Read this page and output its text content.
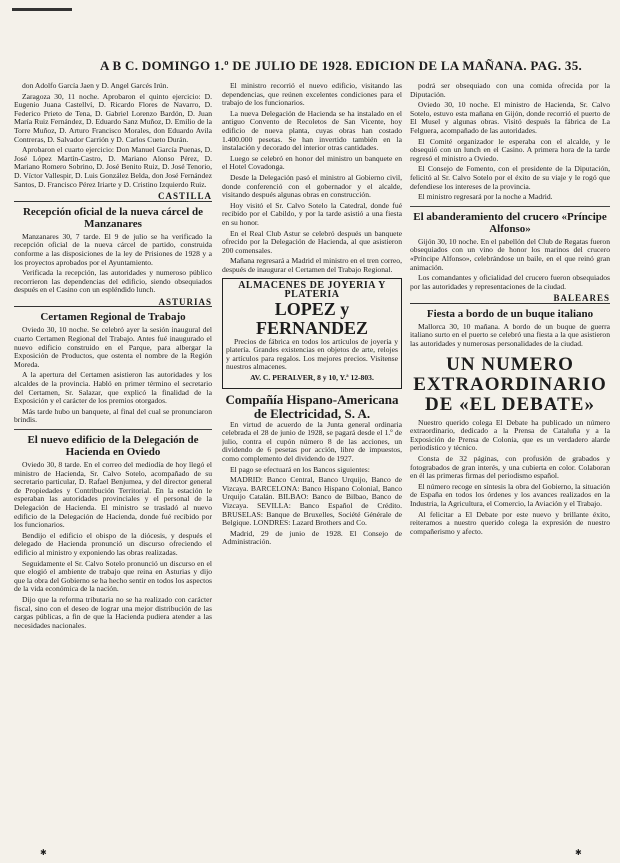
A B C. DOMINGO 1.º DE JULIO DE 1928. EDICION DE LA MAÑANA. PAG. 35.

don Adolfo García Jaen y D. Angel Garcés Irún.

Zaragoza 30, 11 noche. Aprobaron el quinto ejercicio: D. Eugenio Juana Castellví, D. Ricardo Flores de Navarro, D. Federico Prieto de Tena, D. Gabriel Lorenzo Bardón, D. Juan María Ruiz Fernández, D. Eduardo Sanz Muñoz, D. Emilio de la Torre Muñoz, D. Arturo Francisco Morales, don Eduardo Avila Contreras, D. Salvador Carrión y D. Carlos Cueto Durán.

Aprobaron el cuarto ejercicio: Don Manuel García Puenas, D. José López Martín-Castro, D. Mariano Alonso Pérez, D. Mariano Romero Sobrino, D. José Benito Ruiz, D. José Tenorio, D. Víctor Vallespir, D. Luis González Belda, don José Fernández Santos, D. Francisco Pérez Iriarte y D. Cristino Izquierdo Ruiz.

CASTILLA
Recepción oficial de la nueva cárcel de Manzanares

Manzanares 30, 7 tarde. El 9 de julio se ha verificado la recepción oficial de la nueva cárcel de partido, construida conforme a las disposiciones de la ley de Prisiones de 1928 y a los proyectos aprobados por el Ayuntamiento.

Verificada la recepción, las autoridades y numeroso público recorrieron las dependencias del edificio, siendo obsequiados después en el Casino con un espléndido lunch.

ASTURIAS
Certamen Regional de Trabajo

Oviedo 30, 10 noche. Se celebró ayer la sesión inaugural del cuarto Certamen Regional del Trabajo. Antes fué inaugurado el nuevo edificio construido en el Parque, para albergar la Exposición de Productos, que ostenta el nombre de la Región Moreda.

A la apertura del Certamen asistieron las autoridades y los alcaldes de la provincia. Habló en primer término el secretario del Certamen, Sr. Salazar, que explicó la finalidad de la Exposición y el carácter de los premios otorgados.

Más tarde hubo un banquete, al final del cual se pronunciaron brindis.

El nuevo edificio de la Delegación de Hacienda en Oviedo

Oviedo 30, 8 tarde. En el correo del mediodía de hoy llegó el ministro de Hacienda, Sr. Calvo Sotelo, acompañado de su secretario particular, D. Rafael Benjumea, y del director general de Propiedades y Contribución Territorial. En la estación le esperaban las autoridades provinciales y el personal de la Delegación de Hacienda. El ministro se trasladó al nuevo edificio de la Delegación de Hacienda, donde fué recibido por los funcionarios.

Bendijo el edificio el obispo de la diócesis, y después el delegado de Hacienda pronunció un discurso ofreciendo el edificio al ministro y exponiendo las obras realizadas.

Seguidamente el Sr. Calvo Sotelo pronunció un discurso en el que elogió el ambiente de trabajo que reina en Asturias y dijo que la obra del Gobierno se ha hecho sentir en todos los aspectos de la vida económica de la nación.

Dijo que la reforma tributaria no se ha realizado con carácter fiscal, sino con el deseo de lograr una mejor distribución de las cargas públicas, a fin de que la Hacienda pudiera atender a las necesidades nacionales.

El ministro recorrió el nuevo edificio, visitando las dependencias, que reúnen excelentes condiciones para el trabajo de los funcionarios.

La nueva Delegación de Hacienda se ha instalado en el antiguo Convento de Recoletos de San Vicente, hoy edificio de nueva planta, cuyas obras han costado 1.400.000 pesetas. Se han invertido también en la instalación y decorado del interior otras cantidades.

Luego se celebró en honor del ministro un banquete en el Hotel Covadonga.

Desde la Delegación pasó el ministro al Gobierno civil, donde conferenció con el gobernador y el alcalde, visitando después algunas obras en construcción.

Hoy visitó el Sr. Calvo Sotelo la Catedral, donde fué recibido por el Cabildo, y por la tarde asistió a una fiesta en su honor.

En el Real Club Astur se celebró después un banquete ofrecido por la Delegación de Hacienda, al que asistieron 200 comensales.

Mañana regresará a Madrid el ministro en el tren correo, después de inaugurar el Certamen del Trabajo Regional.

ALMACENES DE JOYERIA Y PLATERIA
LOPEZ y FERNANDEZ

Precios de fábrica en todos los artículos de joyería y platería. Grandes existencias en objetos de arte, relojes y artículos para regalos. Los mejores precios. Visítense nuestros almacenes.

AV. C. PERALVER, 8 y 10, Y.ª 12-803.

Compañía Hispano-Americana de Electricidad, S. A.

En virtud de acuerdo de la Junta general ordinaria celebrada el 28 de junio de 1928, se pagará desde el 1.º de julio, contra el cupón número 8 de las acciones, un dividendo de 6 pesetas por acción, libre de impuestos, como complemento del dividendo de 1927.

El pago se efectuará en los Bancos siguientes:

MADRID: Banco Central, Banco Urquijo, Banco de Vizcaya. BARCELONA: Banco Hispano Colonial, Banco Urquijo Catalán. BILBAO: Banco de Bilbao, Banco de Vizcaya. SEVILLA: Banco Español de Crédito. BRUSELAS: Banque de Bruxelles, Société Générale de Belgique. LONDRES: Lazard Brothers and Co.

Madrid, 29 de junio de 1928. El Consejo de Administración.

podrá ser obsequiado con una comida ofrecida por la Diputación.

Oviedo 30, 10 noche. El ministro de Hacienda, Sr. Calvo Sotelo, estuvo esta mañana en Gijón, donde recorrió el puerto de El Musel y algunas obras. Visitó después la fábrica de La Felguera, acompañado de las autoridades.

El Comité organizador le esperaba con el alcalde, y le obsequió con un lunch en el Casino. A primera hora de la tarde regresó el ministro a Oviedo.

El Consejo de Fomento, con el presidente de la Diputación, felicitó al Sr. Calvo Sotelo por el éxito de su viaje y le rogó que defendiese los intereses de la provincia.

El ministro regresará por la noche a Madrid.

El abanderamiento del crucero «Príncipe Alfonso»

Gijón 30, 10 noche. En el pabellón del Club de Regatas fueron obsequiados con un vino de honor los marinos del crucero «Príncipe Alfonso», celebrándose un baile, en el que reinó gran animación.

Los comandantes y oficialidad del crucero fueron obsequiados por las autoridades y representaciones de la ciudad.

BALEARES
Fiesta a bordo de un buque italiano

Mallorca 30, 10 mañana. A bordo de un buque de guerra italiano surto en el puerto se celebró una fiesta a la que asistieron las autoridades y numerosas personalidades de la ciudad.

UN NUMERO EXTRAORDINARIO DE «EL DEBATE»

Nuestro querido colega El Debate ha publicado un número extraordinario, dedicado a la Prensa de Cataluña y a la Exposición de Prensa de Colonia, que es un verdadero alarde periodístico y técnico.

Consta de 32 páginas, con profusión de grabados y fotograbados de gran interés, y una cubierta en color. Colaboran en él las primeras firmas del periodismo español.

El número recoge en síntesis la obra del Gobierno, la situación de España en todos los órdenes y los avances realizados en la Industria, la Agricultura, el Comercio, la Aviación y el Trabajo.

Al felicitar a El Debate por este nuevo y brillante éxito, reiteramos a nuestro querido colega la expresión de nuestro compañerismo y afecto.

✱	✱
